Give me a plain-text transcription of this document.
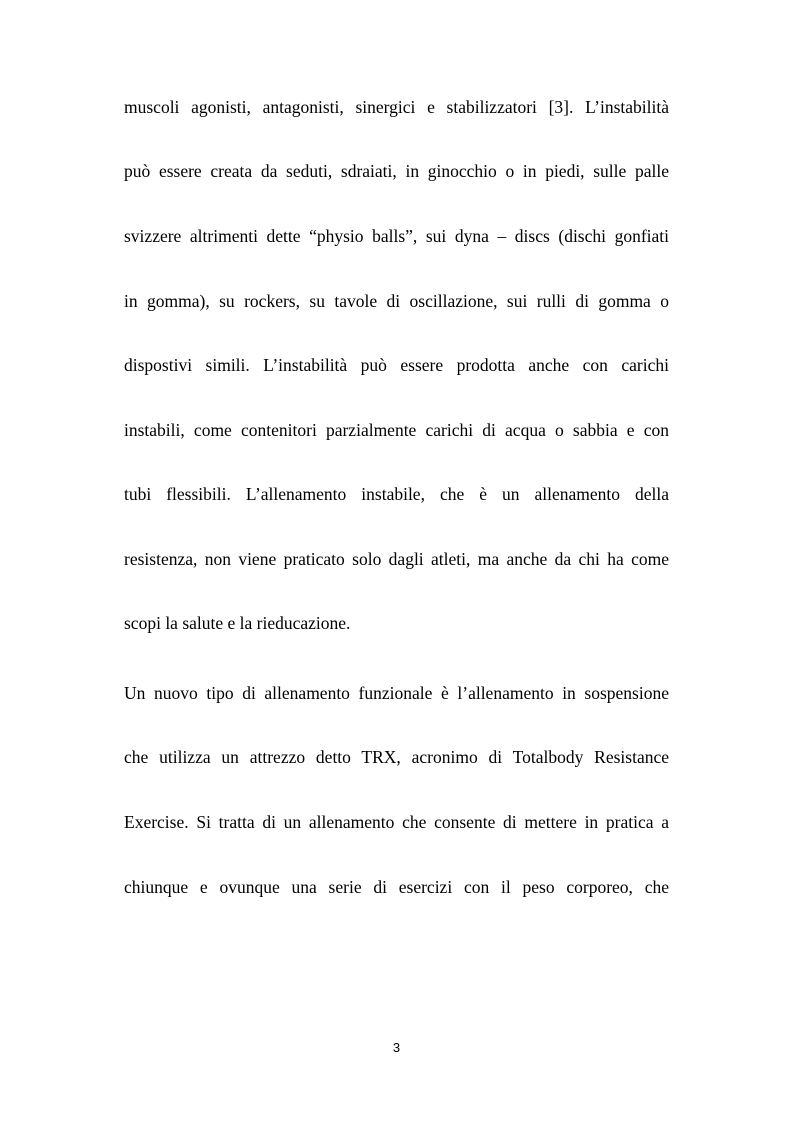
muscoli agonisti, antagonisti, sinergici e stabilizzatori [3]. L’instabilità
può essere creata da seduti, sdraiati, in ginocchio o in piedi, sulle palle
svizzere altrimenti dette “physio balls”, sui dyna – discs (dischi gonfiati
in gomma), su rockers, su tavole di oscillazione, sui rulli di gomma o
dispostivi simili. L’instabilità può essere prodotta anche con carichi
instabili, come contenitori parzialmente carichi di acqua o sabbia e con
tubi flessibili. L’allenamento instabile, che è un allenamento della
resistenza, non viene praticato solo dagli atleti, ma anche da chi ha come
scopi la salute e la rieducazione.
Un nuovo tipo di allenamento funzionale è l’allenamento in sospensione
che utilizza un attrezzo detto TRX, acronimo di Totalbody Resistance
Exercise. Si tratta di un allenamento che consente di mettere in pratica a
chiunque e ovunque una serie di esercizi con il peso corporeo, che
3
